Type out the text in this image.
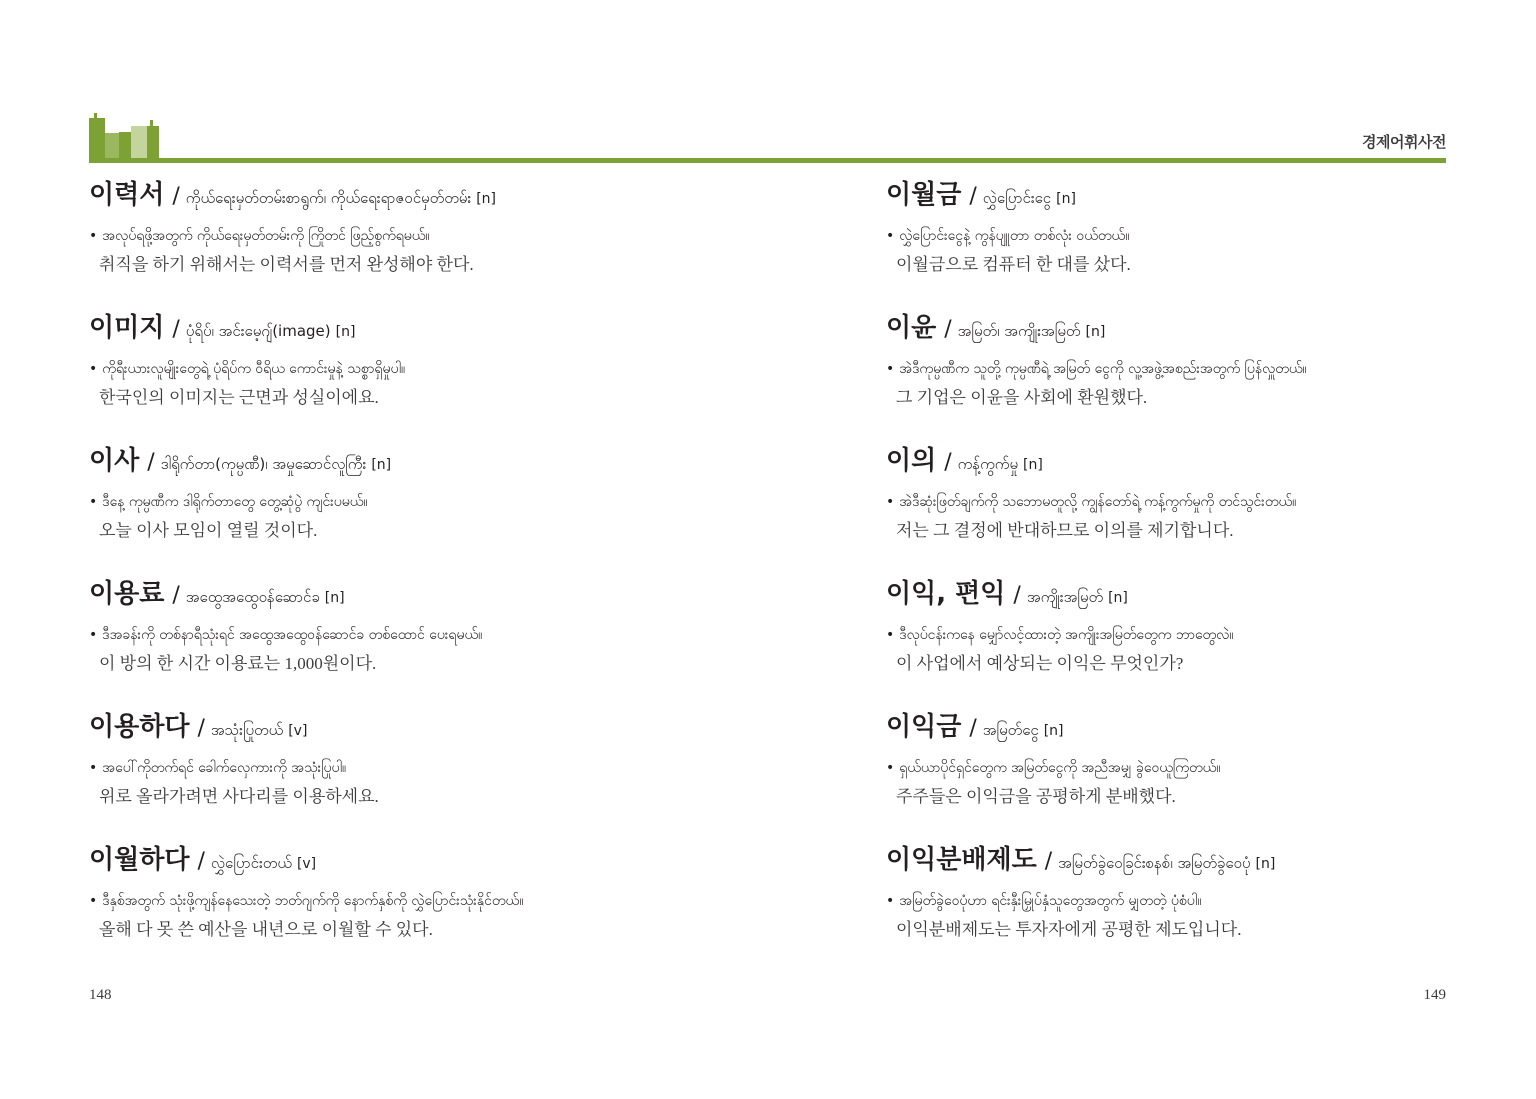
경제어휘사전
이력서 / ကိုယ်ရေးမှတ်တမ်းစာရွက်၊ ကိုယ်ရေးရာဇဝင်မှတ်တမ်း [n]
• အလုပ်ရဖို့အတွက် ကိုယ်ရေးမှတ်တမ်းကို ကြိုတင် ဖြည့်စွက်ရမယ်။
취직을 하기 위해서는 이력서를 먼저 완성해야 한다.
이미지 / ပုံရိပ်၊ အင်းမေ့ဂျ်(image) [n]
• ကိုရီးယားလူမျိုးတွေရဲ့ ပုံရိပ်က ဝီရိယ ကောင်းမှုနဲ့ သစ္စာရှိမှုပါ။
한국인의 이미지는 근면과 성실이에요.
이사 / ဒါရိုက်တာ(ကုမ္ပဏီ)၊ အမှုဆောင်လူကြီး [n]
• ဒီနေ့ ကုမ္ပဏီက ဒါရိုက်တာတွေ တွေ့ဆုံပွဲ ကျင်းပမယ်။
오늘 이사 모임이 열릴 것이다.
이용료 / အထွေအထွေဝန်ဆောင်ခ [n]
• ဒီအခန်းကို တစ်နာရီသုံးရင် အထွေအထွေဝန်ဆောင်ခ တစ်ထောင် ပေးရမယ်။
이 방의 한 시간 이용료는 1,000원이다.
이용하다 / အသုံးပြုတယ် [v]
• အပေါ်ကိုတက်ရင် ခေါက်လှေကားကို အသုံးပြုပါ။
위로 올라가려면 사다리를 이용하세요.
이월하다 / လွှဲပြောင်းတယ် [v]
• ဒီနှစ်အတွက် သုံးဖို့ကျန်နေသေးတဲ့ ဘတ်ဂျက်ကို နောက်နှစ်ကို လွှဲပြောင်းသုံးနိုင်တယ်။
올해 다 못 쓴 예산을 내년으로 이월할 수 있다.
이월금 / လွှဲပြောင်းငွေ [n]
• လွှဲပြောင်းငွေနဲ့ ကွန်ပျူတာ တစ်လုံး ဝယ်တယ်။
이월금으로 컴퓨터 한 대를 샀다.
이윤 / အမြတ်၊ အကျိုးအမြတ် [n]
• အဲဒီကုမ္ပဏီက သူတို့ ကုမ္ပဏီရဲ့ အမြတ် ငွေကို လူ့အဖွဲ့အစည်းအတွက် ပြန်လှူတယ်။
그 기업은 이윤을 사회에 환원했다.
이의 / ကန့်ကွက်မှု [n]
• အဲဒီဆုံးဖြတ်ချက်ကို သဘောမတူလို့ ကျွန်တော်ရဲ့ ကန့်ကွက်မှုကို တင်သွင်းတယ်။
저는 그 결정에 반대하므로 이의를 제기합니다.
이익, 편익 / အကျိုးအမြတ် [n]
• ဒီလုပ်ငန်းကနေ မျှော်လင့်ထားတဲ့ အကျိုးအမြတ်တွေက ဘာတွေလဲ။
이 사업에서 예상되는 이익은 무엇인가?
이익금 / အမြတ်ငွေ [n]
• ရှယ်ယာပိုင်ရှင်တွေက အမြတ်ငွေကို အညီအမျှ ခွဲဝေယူကြတယ်။
주주들은 이익금을 공평하게 분배했다.
이익분배제도 / အမြတ်ခွဲဝေခြင်းစနစ်၊ အမြတ်ခွဲဝေပုံ [n]
• အမြတ်ခွဲဝေပုံဟာ ရင်းနှီးမြှုပ်နှံသူတွေအတွက် မျှတတဲ့ ပုံစံပါ။
이익분배제도는 투자자에게 공평한 제도입니다.
148	149
